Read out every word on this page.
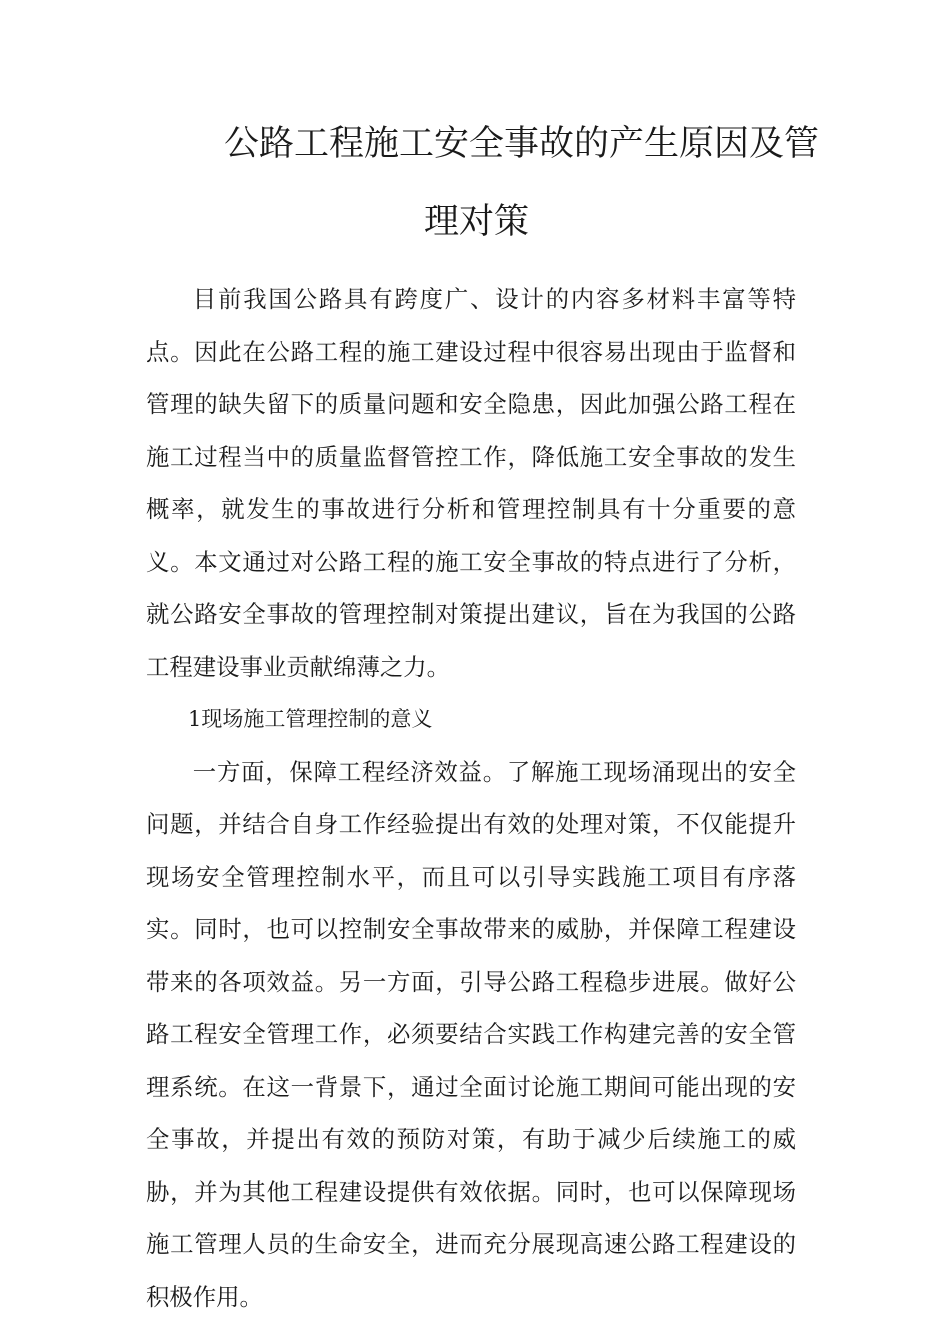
公路工程施工安全事故的产生原因及管
理对策

目前我国公路具有跨度广、设计的内容多材料丰富等特点。因此在公路工程的施工建设过程中很容易出现由于监督和管理的缺失留下的质量问题和安全隐患，因此加强公路工程在施工过程当中的质量监督管控工作，降低施工安全事故的发生概率，就发生的事故进行分析和管理控制具有十分重要的意义。本文通过对公路工程的施工安全事故的特点进行了分析，就公路安全事故的管理控制对策提出建议，旨在为我国的公路工程建设事业贡献绵薄之力。

1现场施工管理控制的意义

一方面，保障工程经济效益。了解施工现场涌现出的安全问题，并结合自身工作经验提出有效的处理对策，不仅能提升现场安全管理控制水平，而且可以引导实践施工项目有序落实。同时，也可以控制安全事故带来的威胁，并保障工程建设带来的各项效益。另一方面，引导公路工程稳步进展。做好公路工程安全管理工作，必须要结合实践工作构建完善的安全管理系统。在这一背景下，通过全面讨论施工期间可能出现的安全事故，并提出有效的预防对策，有助于减少后续施工的威胁，并为其他工程建设提供有效依据。同时，也可以保障现场施工管理人员的生命安全，进而充分展现高速公路工程建设的积极作用。
